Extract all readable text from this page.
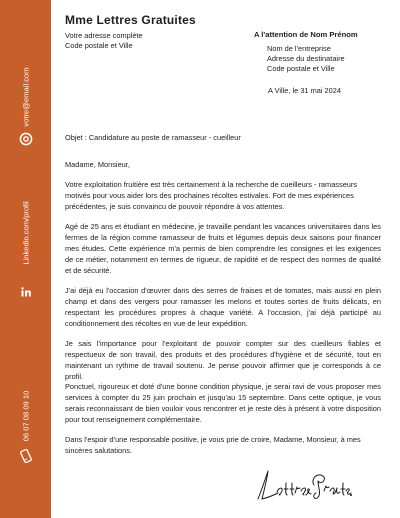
votre@email.com
Linkedin.com/profil
06 07 08 09 10
Mme Lettres Gratuites
Votre adresse complète
Code postale et Ville
A l'attention de Nom Prénom
Nom de l'entreprise
Adresse du destinataire
Code postale et Ville
A Ville, le 31 mai 2024
Objet : Candidature au poste de ramasseur - cueilleur
Madame, Monsieur,
Votre exploitation fruitière est très certainement à la recherche de cueilleurs - ramasseurs motivés pour vous aider lors des prochaines récoltes estivales. Fort de mes expériences précédentes, je suis convaincu de pouvoir répondre à vos attentes.
Agé de 25 ans et étudiant en médecine, je travaille pendant les vacances universitaires dans les fermes de la région comme ramasseur de fruits et légumes depuis deux saisons pour financer mes études. Cette expérience m'a permis de bien comprendre les consignes et les exigences de ce métier, notamment en termes de rigueur, de rapidité et de respect des normes de qualité et de sécurité.
J'ai déjà eu l'occasion d'œuvrer dans des serres de fraises et de tomates, mais aussi en plein champ et dans des vergers pour ramasser les melons et toutes sortes de fruits délicats, en respectant les procédures propres à chaque variété. A l'occasion, j'ai déjà participé au conditionnement des récoltes en vue de leur expédition.
Je sais l'importance pour l'exploitant de pouvoir compter sur des cueilleurs fiables et respectueux de son travail, des produits et des procédures d'hygiène et de sécurité, tout en maintenant un rythme de travail soutenu. Je pense pouvoir affirmer que je corresponds à ce profil.
Ponctuel, rigoureux et doté d'une bonne condition physique, je serai ravi de vous proposer mes services à compter du 25 juin prochain et jusqu'au 15 septembre. Dans cette optique, je vous serais reconnaissant de bien vouloir vous rencontrer et je reste dès à présent à votre disposition pour tout renseignement complémentaire.
Dans l'espoir d'une responsable positive, je vous prie de croire, Madame, Monsieur, à mes sincères salutations.
